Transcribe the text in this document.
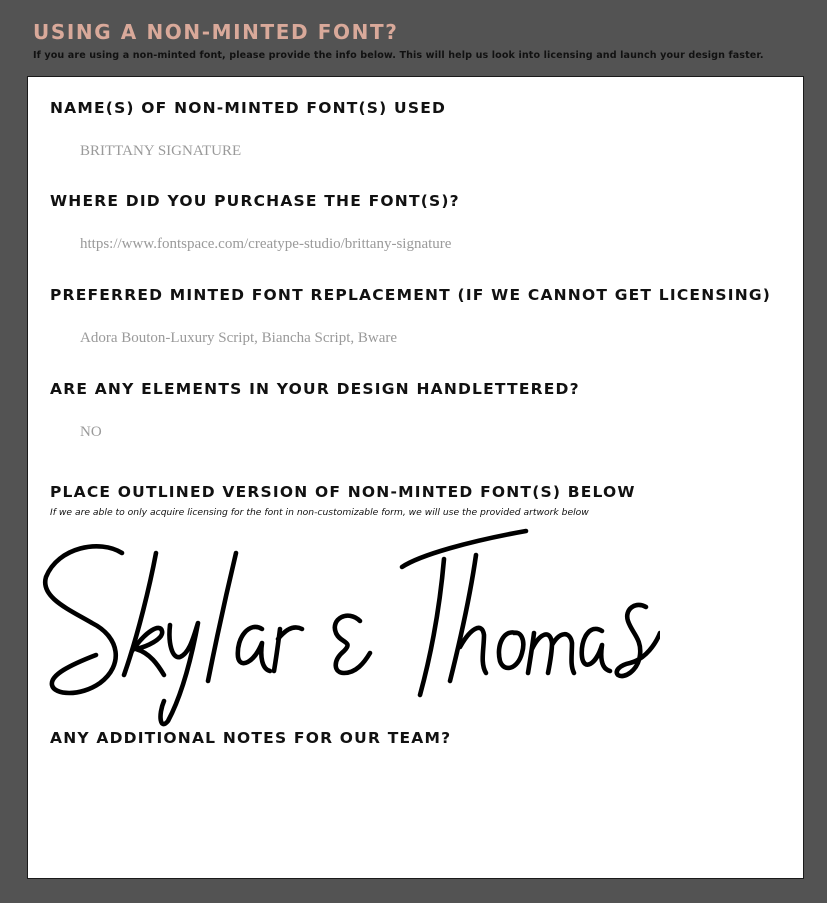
USING A NON-MINTED FONT?
If you are using a non-minted font, please provide the info below. This will help us look into licensing and launch your design faster.
NAME(S) OF NON-MINTED FONT(S) USED
BRITTANY SIGNATURE
WHERE DID YOU PURCHASE THE FONT(S)?
https://www.fontspace.com/creatype-studio/brittany-signature
PREFERRED MINTED FONT REPLACEMENT (IF WE CANNOT GET LICENSING)
Adora Bouton-Luxury Script, Biancha Script, Bware
ARE ANY ELEMENTS IN YOUR DESIGN HANDLETTERED?
NO
PLACE OUTLINED VERSION OF NON-MINTED FONT(S) BELOW
If we are able to only acquire licensing for the font in non-customizable form, we will use the provided artwork below
ANY ADDITIONAL NOTES FOR OUR TEAM?
